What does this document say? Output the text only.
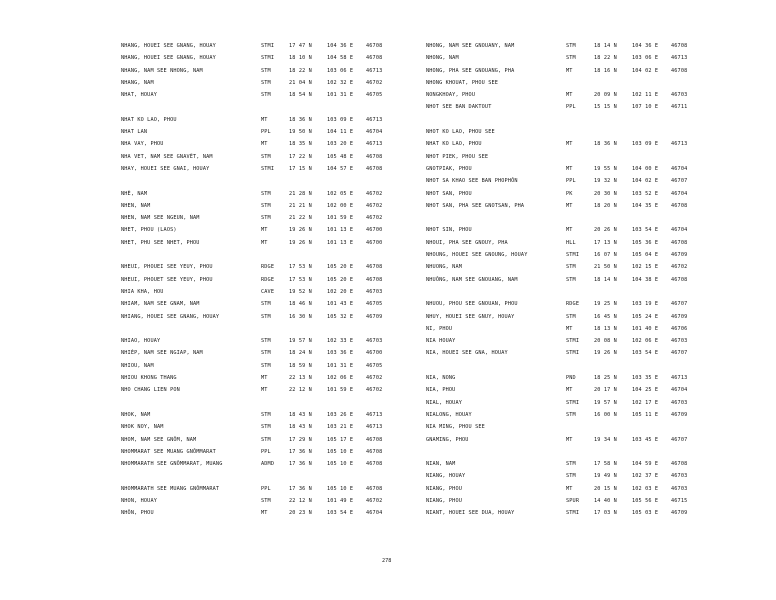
NHANG, HOUEI SEE GNANG, HOUAY	STMI	17 47 N	104 36 E 46708
NHANG, HOUEI SEE GNANG, HOUAY	STMI	18 10 N	104 58 E 46708
NHANG, NAM SEE NHONG, NAM	STM	18 22 N	103 06 E 46713
NHANG, NAM	STM	21 04 N	102 32 E 46702
NHAT, HOUAY	STM	18 54 N	101 31 E 46705
NHAT KO LAO, PHOU	MT	18 36 N	103 09 E 46713
NHAT LAN	PPL	19 50 N	104 11 E 46704
NHA VAY, PHOU	MT	18 35 N	103 20 E 46713
NHA VET, NAM SEE GNAVẼT, NAM	STM	17 22 N	105 48 E 46708
NHAY, HOUEI SEE GNAI, HOUAY	STMI	17 15 N	104 57 E 46708
NHÈ, NAM	STM	21 28 N	102 05 E 46702
NHEN, NAM	STM	21 21 N	102 00 E 46702
NHEN, NAM SEE NGEUN, NAM	STM	21 22 N	101 59 E 46702
NHET, PHOU (LAOS)	MT	19 26 N	101 13 E 46700
NHET, PHU SEE NHET, PHOU	MT	19 26 N	101 13 E 46700
NHEUI, PHOUEI SEE YEUY, PHOU	RDGE	17 53 N	105 20 E 46708
NHEUI, PHOUET SEE YEUY, PHOU	RDGE	17 53 N	105 20 E 46708
NHIA KHA, HOU	CAVE	19 52 N	102 20 E 46703
NHIAM, NAM SEE GNAM, NAM	STM	18 46 N	101 43 E 46705
NHIANG, HOUEI SEE GNANG, HOUAY	STM	16 30 N	105 32 E 46709
NHIAO, HOUAY	STM	19 57 N	102 33 E 46703
NHIÈP, NAM SEE NGIAP, NAM	STM	18 24 N	103 36 E 46700
NHIOU, NAM	STM	18 59 N	101 31 E 46705
NHIOU KHONG THANG	MT	22 13 N	102 06 E 46702
NHO CHANG LIEN PON	MT	22 12 N	101 59 E 46702
NHOK, NAM	STM	18 43 N	103 26 E 46713
NHOK NOY, NAM	STM	18 43 N	103 21 E 46713
NHOM, NAM SEE GNÔM, NAM	STM	17 29 N	105 17 E 46708
NHOMMARAT SEE MUANG GNÔMMARAT	PPL	17 36 N	105 10 E 46708
NHOMMARATH SEE GNÔMMARAT, MUANG	ADMD	17 36 N	105 10 E 46708
NHOMMARATH SEE MUANG GNÔMMARAT	PPL	17 36 N	105 10 E 46708
NHON, HOUAY	STM	22 12 N	101 49 E 46702
NHÔN, PHOU	MT	20 23 N	103 54 E 46704
NHONG, NAM SEE GNOUANY, NAM	STM	18 14 N	104 36 E 46708
NHONG, NAM	STM	18 22 N	103 06 E 46713
NHONG, PHA SEE GNOUANG, PHA	MT	18 16 N	104 02 E 46708
NHONG KHOUAT, PHOU SEE
NONGKHOAY, PHOU	MT	20 09 N	102 11 E 46703
NHOT SEE BAN DAKTOUT	PPL	15 15 N	107 10 E 46711
NHOT KO LAO, PHOU SEE
NHAT KO LAO, PHOU	MT	18 36 N	103 09 E 46713
NHOT PIEK, PHOU SEE
GNOTPIAK, PHOU	MT	19 55 N	104 00 E 46704
NHOT SA KHAO SEE BAN PHOPHÔN	PPL	19 32 N	104 02 E 46707
NHOT SAN, PHOU	PK	20 30 N	103 52 E 46704
NHOT SAN, PHA SEE GNOTSAN, PHA	MT	18 20 N	104 35 E 46708
NHOT SIN, PHOU	MT	20 26 N	103 54 E 46704
NHOUI, PHA SEE GNOUY, PHA	HLL	17 13 N	105 36 E 46708
NHOUNG, HOUEI SEE GNOUNG, HOUAY	STMI	16 07 N	105 04 E 46709
NHUONG, NAM	STM	21 50 N	102 15 E 46702
NHUÔNG, NAM SEE GNOUANG, NAM	STM	18 14 N	104 38 E 46708
NHUOU, PHOU SEE GNOUAN, PHOU	RDGE	19 25 N	103 19 E 46707
NHUY, HOUEI SEE GNUY, HOUAY	STM	16 45 N	105 24 E 46709
NI, PHOU	MT	18 13 N	101 40 E 46706
NIA HOUAY	STMI	20 08 N	102 06 E 46703
NIA, HOUEI SEE GNA, HOUAY	STMI	19 26 N	103 54 E 46707
NIA, NONG	PND	18 25 N	103 35 E 46713
NIA, PHOU	MT	20 17 N	104 25 E 46704
NIAL, HOUAY	STMI	19 57 N	102 17 E 46703
NIALONG, HOUAY	STM	16 00 N	105 11 E 46709
NIA MING, PHOU SEE
GNAMING, PHOU	MT	19 34 N	103 45 E 46707
NIAN, NAM	STM	17 58 N	104 59 E 46708
NIANG, HOUAY	STM	19 49 N	102 37 E 46703
NIANG, PHOU	MT	20 15 N	102 03 E 46703
NIANG, PHOU	SPUR	14 40 N	105 56 E 46715
NIANT, HOUEI SEE DUA, HOUAY	STMI	17 03 N	105 03 E 46709
278
